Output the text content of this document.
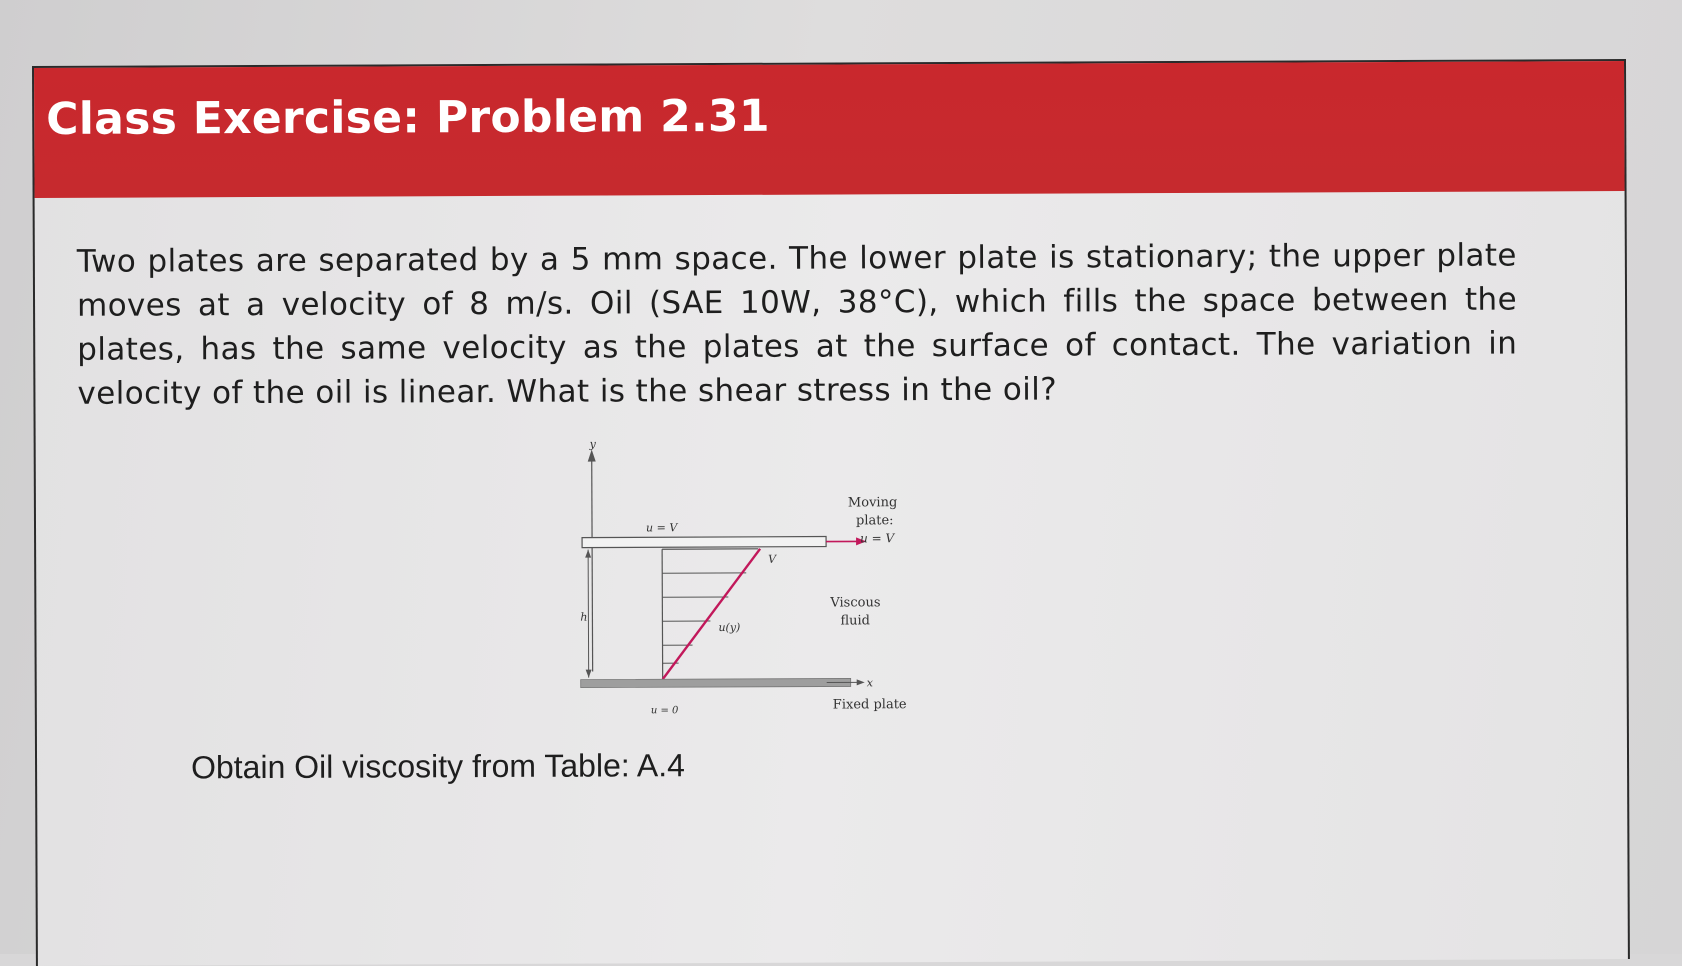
Class Exercise: Problem 2.31
Two plates are separated by a 5 mm space. The lower plate is stationary; the upper plate moves at a velocity of 8 m/s. Oil (SAE 10W, 38°C), which fills the space between the plates, has the same velocity as the plates at the surface of contact. The variation in velocity of the oil is linear. What is the shear stress in the oil?
y
u = V
h
V
u(y)
x
u = 0
Moving
plate:
u = V
Viscous
fluid
Fixed plate
Obtain Oil viscosity from Table: A.4
